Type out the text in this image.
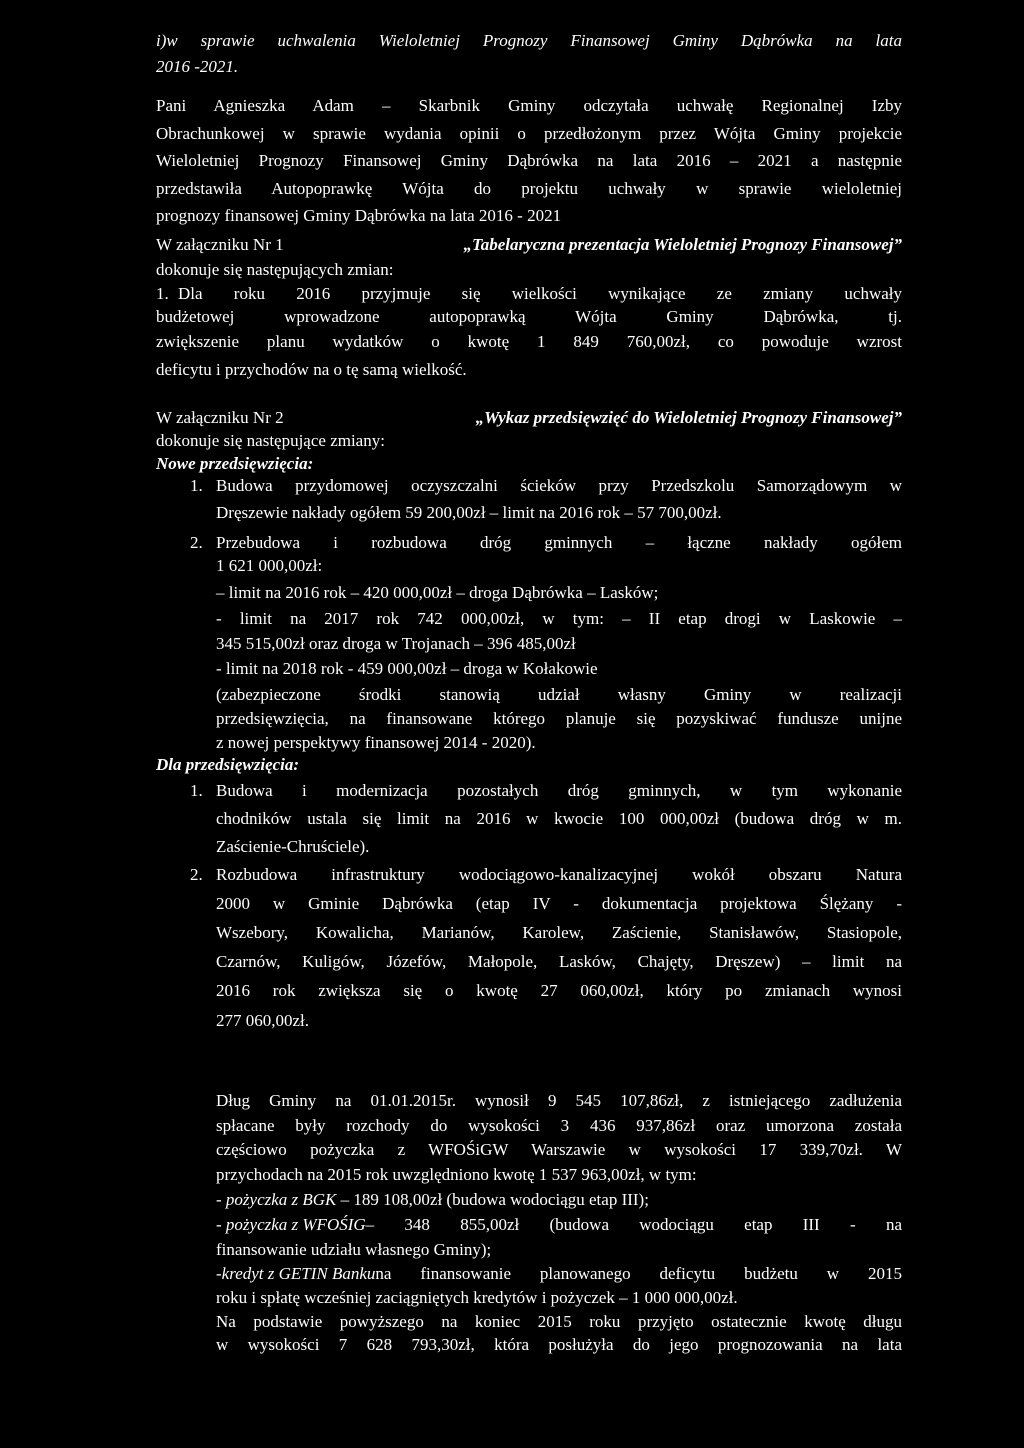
i)w sprawie uchwalenia Wieloletniej Prognozy Finansowej Gminy Dąbrówka na lata
2016 -2021.
Pani Agnieszka Adam – Skarbnik Gminy odczytała uchwałę Regionalnej Izby
Obrachunkowej w sprawie wydania opinii o przedłożonym przez Wójta Gminy projekcie
Wieloletniej Prognozy Finansowej Gminy Dąbrówka na lata 2016 – 2021 a następnie
przedstawiła Autopoprawkę Wójta do projektu uchwały w sprawie wieloletniej
prognozy finansowej Gminy Dąbrówka na lata 2016 - 2021
W załączniku Nr 1	„Tabelaryczna prezentacja Wieloletniej Prognozy Finansowej”
dokonuje się następujących zmian:
1. Dla roku 2016 przyjmuje się wielkości wynikające ze zmiany uchwały
budżetowej wprowadzone autopoprawką Wójta Gminy Dąbrówka, tj.
zwiększenie planu wydatków o kwotę 1 849 760,00zł, co powoduje wzrost
deficytu i przychodów na o tę samą wielkość.
W załączniku Nr 2	„Wykaz przedsięwzięć do Wieloletniej Prognozy Finansowej”
dokonuje się następujące zmiany:
Nowe przedsięwzięcia:
1. Budowa przydomowej oczyszczalni ścieków przy Przedszkolu Samorządowym w
Dręszewie nakłady ogółem 59 200,00zł – limit na 2016 rok – 57 700,00zł.
2. Przebudowa i rozbudowa dróg gminnych – łączne nakłady ogółem
1 621 000,00zł:
– limit na 2016 rok – 420 000,00zł – droga Dąbrówka – Lasków;
- limit na 2017 rok 742 000,00zł, w tym: – II etap drogi w Laskowie –
345 515,00zł oraz droga w Trojanach – 396 485,00zł
- limit na 2018 rok - 459 000,00zł – droga w Kołakowie
(zabezpieczone środki stanowią udział własny Gminy w realizacji
przedsięwzięcia, na finansowane którego planuje się pozyskiwać fundusze unijne
z nowej perspektywy finansowej 2014 - 2020).
Dla przedsięwzięcia:
1. Budowa i modernizacja pozostałych dróg gminnych, w tym wykonanie
chodników ustala się limit na 2016 w kwocie 100 000,00zł (budowa dróg w m.
Zaścienie-Chruściele).
2. Rozbudowa infrastruktury wodociągowo-kanalizacyjnej wokół obszaru Natura
2000 w Gminie Dąbrówka (etap IV - dokumentacja projektowa Ślężany -
Wszebory, Kowalicha, Marianów, Karolew, Zaścienie, Stanisławów, Stasiopole,
Czarnów, Kuligów, Józefów, Małopole, Lasków, Chajęty, Dręszew) – limit na
2016 rok zwiększa się o kwotę 27 060,00zł, który po zmianach wynosi
277 060,00zł.
Dług Gminy na 01.01.2015r. wynosił 9 545 107,86zł, z istniejącego zadłużenia
spłacane były rozchody do wysokości 3 436 937,86zł oraz umorzona została
częściowo pożyczka z WFOŚiGW Warszawie w wysokości 17 339,70zł. W
przychodach na 2015 rok uwzględniono kwotę 1 537 963,00zł, w tym:
- pożyczka z BGK – 189 108,00zł (budowa wodociągu etap III);
- pożyczka z WFOŚIG – 348 855,00zł (budowa wodociągu etap III - na
finansowanie udziału własnego Gminy);
-kredyt z GETIN Banku na finansowanie planowanego deficytu budżetu w 2015
roku i spłatę wcześniej zaciągniętych kredytów i pożyczek – 1 000 000,00zł.
Na podstawie powyższego na koniec 2015 roku przyjęto ostatecznie kwotę długu
w wysokości 7 628 793,30zł, która posłużyła do jego prognozowania na lata
